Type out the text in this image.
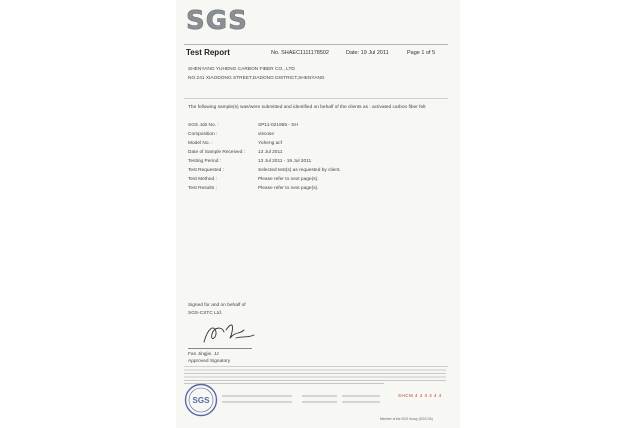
SGS
Test Report	No. SHAEC1111178502	Date: 19 Jul 2011	Page 1 of 5
SHENYANG YUHENG CARBON FIBER CO., LTD
NO.241 XIAODONG STREET,DADONG DISTRICT,SHENYANG
The following sample(s) was/were submitted and identified on behalf of the clients as : activated carbon fiber felt
SGS Job No. :	SP11-021955 - SH
Composition :	viscose
Model No. :	Yuheng acf
Date of Sample Received :	13 Jul 2011
Testing Period :	13 Jul 2011 - 19 Jul 2011
Test Requested :	Selected test(s) as requested by client.
Test Method :	Please refer to next page(s).
Test Results :	Please refer to next page(s).
Signed for and on behalf of
SGS-CSTC Ltd.
Fan Jingjie, JJ
Approved Signatory
SGS
SHCM 4 4 4 4 4 4
Member of the SGS Group (SGS SA)
